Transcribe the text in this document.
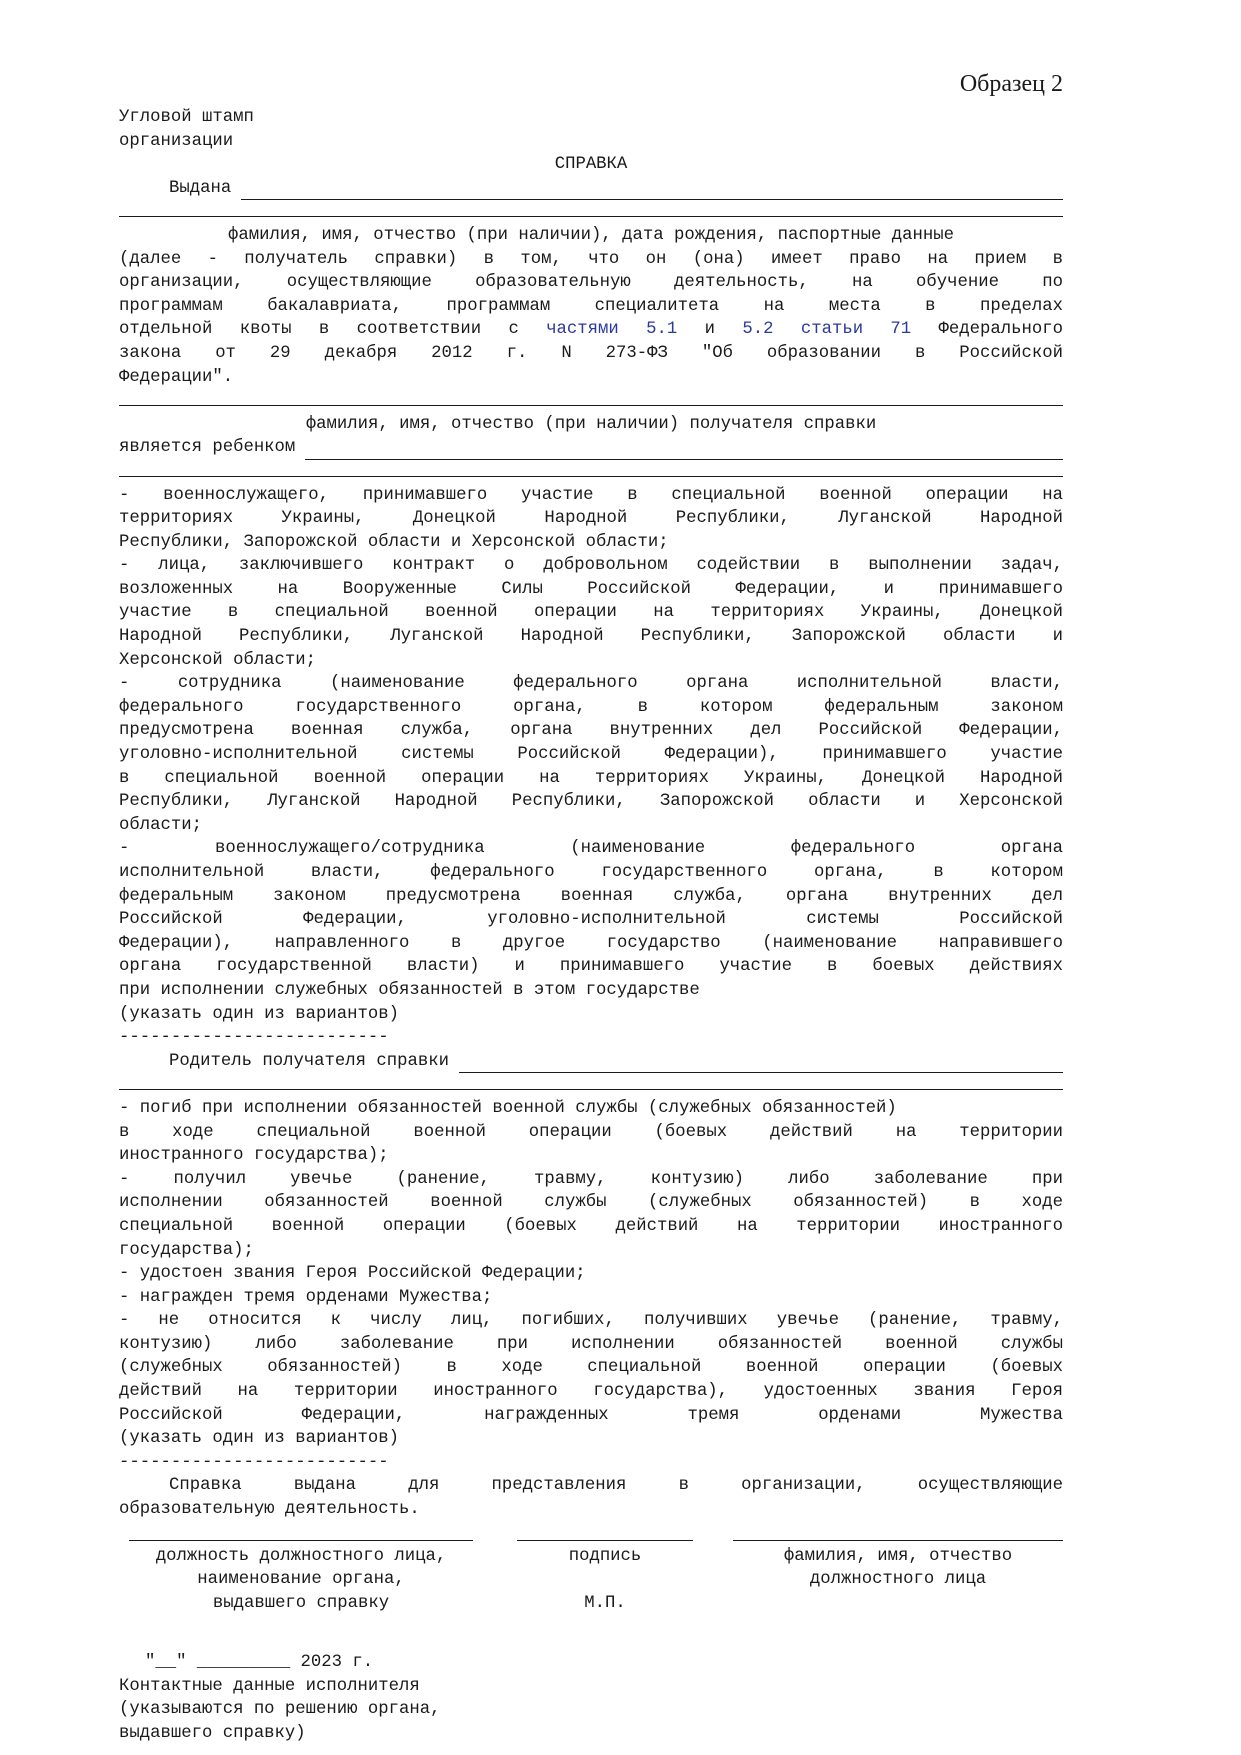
Образец 2
Угловой штамп
организации
СПРАВКА
Выдана
фамилия, имя, отчество (при наличии), дата рождения, паспортные данные
(далее - получатель справки) в том, что он (она) имеет право на прием в
организации, осуществляющие образовательную деятельность, на обучение по
программам бакалавриата, программам специалитета на места в пределах
отдельной квоты в соответствии с частями 5.1 и 5.2 статьи 71 Федерального
закона от 29 декабря 2012 г. N 273-ФЗ "Об образовании в Российской
Федерации".
фамилия, имя, отчество (при наличии) получателя справки
является ребенком
- военнослужащего, принимавшего участие в специальной военной операции на
территориях Украины, Донецкой Народной Республики, Луганской Народной
Республики, Запорожской области и Херсонской области;
- лица, заключившего контракт о добровольном содействии в выполнении задач,
возложенных на Вооруженные Силы Российской Федерации, и принимавшего
участие в специальной военной операции на территориях Украины, Донецкой
Народной Республики, Луганской Народной Республики, Запорожской области и
Херсонской области;
- сотрудника (наименование федерального органа исполнительной власти,
федерального государственного органа, в котором федеральным законом
предусмотрена военная служба, органа внутренних дел Российской Федерации,
уголовно-исполнительной системы Российской Федерации), принимавшего участие
в специальной военной операции на территориях Украины, Донецкой Народной
Республики, Луганской Народной Республики, Запорожской области и Херсонской
области;
- военнослужащего/сотрудника (наименование федерального органа
исполнительной власти, федерального государственного органа, в котором
федеральным законом предусмотрена военная служба, органа внутренних дел
Российской Федерации, уголовно-исполнительной системы Российской
Федерации), направленного в другое государство (наименование направившего
органа государственной власти) и принимавшего участие в боевых действиях
при исполнении служебных обязанностей в этом государстве
(указать один из вариантов)
--------------------------
Родитель получателя справки
- погиб при исполнении обязанностей военной службы (служебных обязанностей)
в ходе специальной военной операции (боевых действий на территории
иностранного государства);
- получил увечье (ранение, травму, контузию) либо заболевание при
исполнении обязанностей военной службы (служебных обязанностей) в ходе
специальной военной операции (боевых действий на территории иностранного
государства);
- удостоен звания Героя Российской Федерации;
- награжден тремя орденами Мужества;
- не относится к числу лиц, погибших, получивших увечье (ранение, травму,
контузию) либо заболевание при исполнении обязанностей военной службы
(служебных обязанностей) в ходе специальной военной операции (боевых
действий на территории иностранного государства), удостоенных звания Героя
Российской Федерации, награжденных тремя орденами Мужества
(указать один из вариантов)
--------------------------
Справка выдана для представления в организации, осуществляющие
образовательную деятельность.
должность должностного лица,
наименование органа,
выдавшего справку
подпись
М.П.
фамилия, имя, отчество
должностного лица
"__" _________ 2023 г.
Контактные данные исполнителя
(указываются по решению органа,
выдавшего справку)
